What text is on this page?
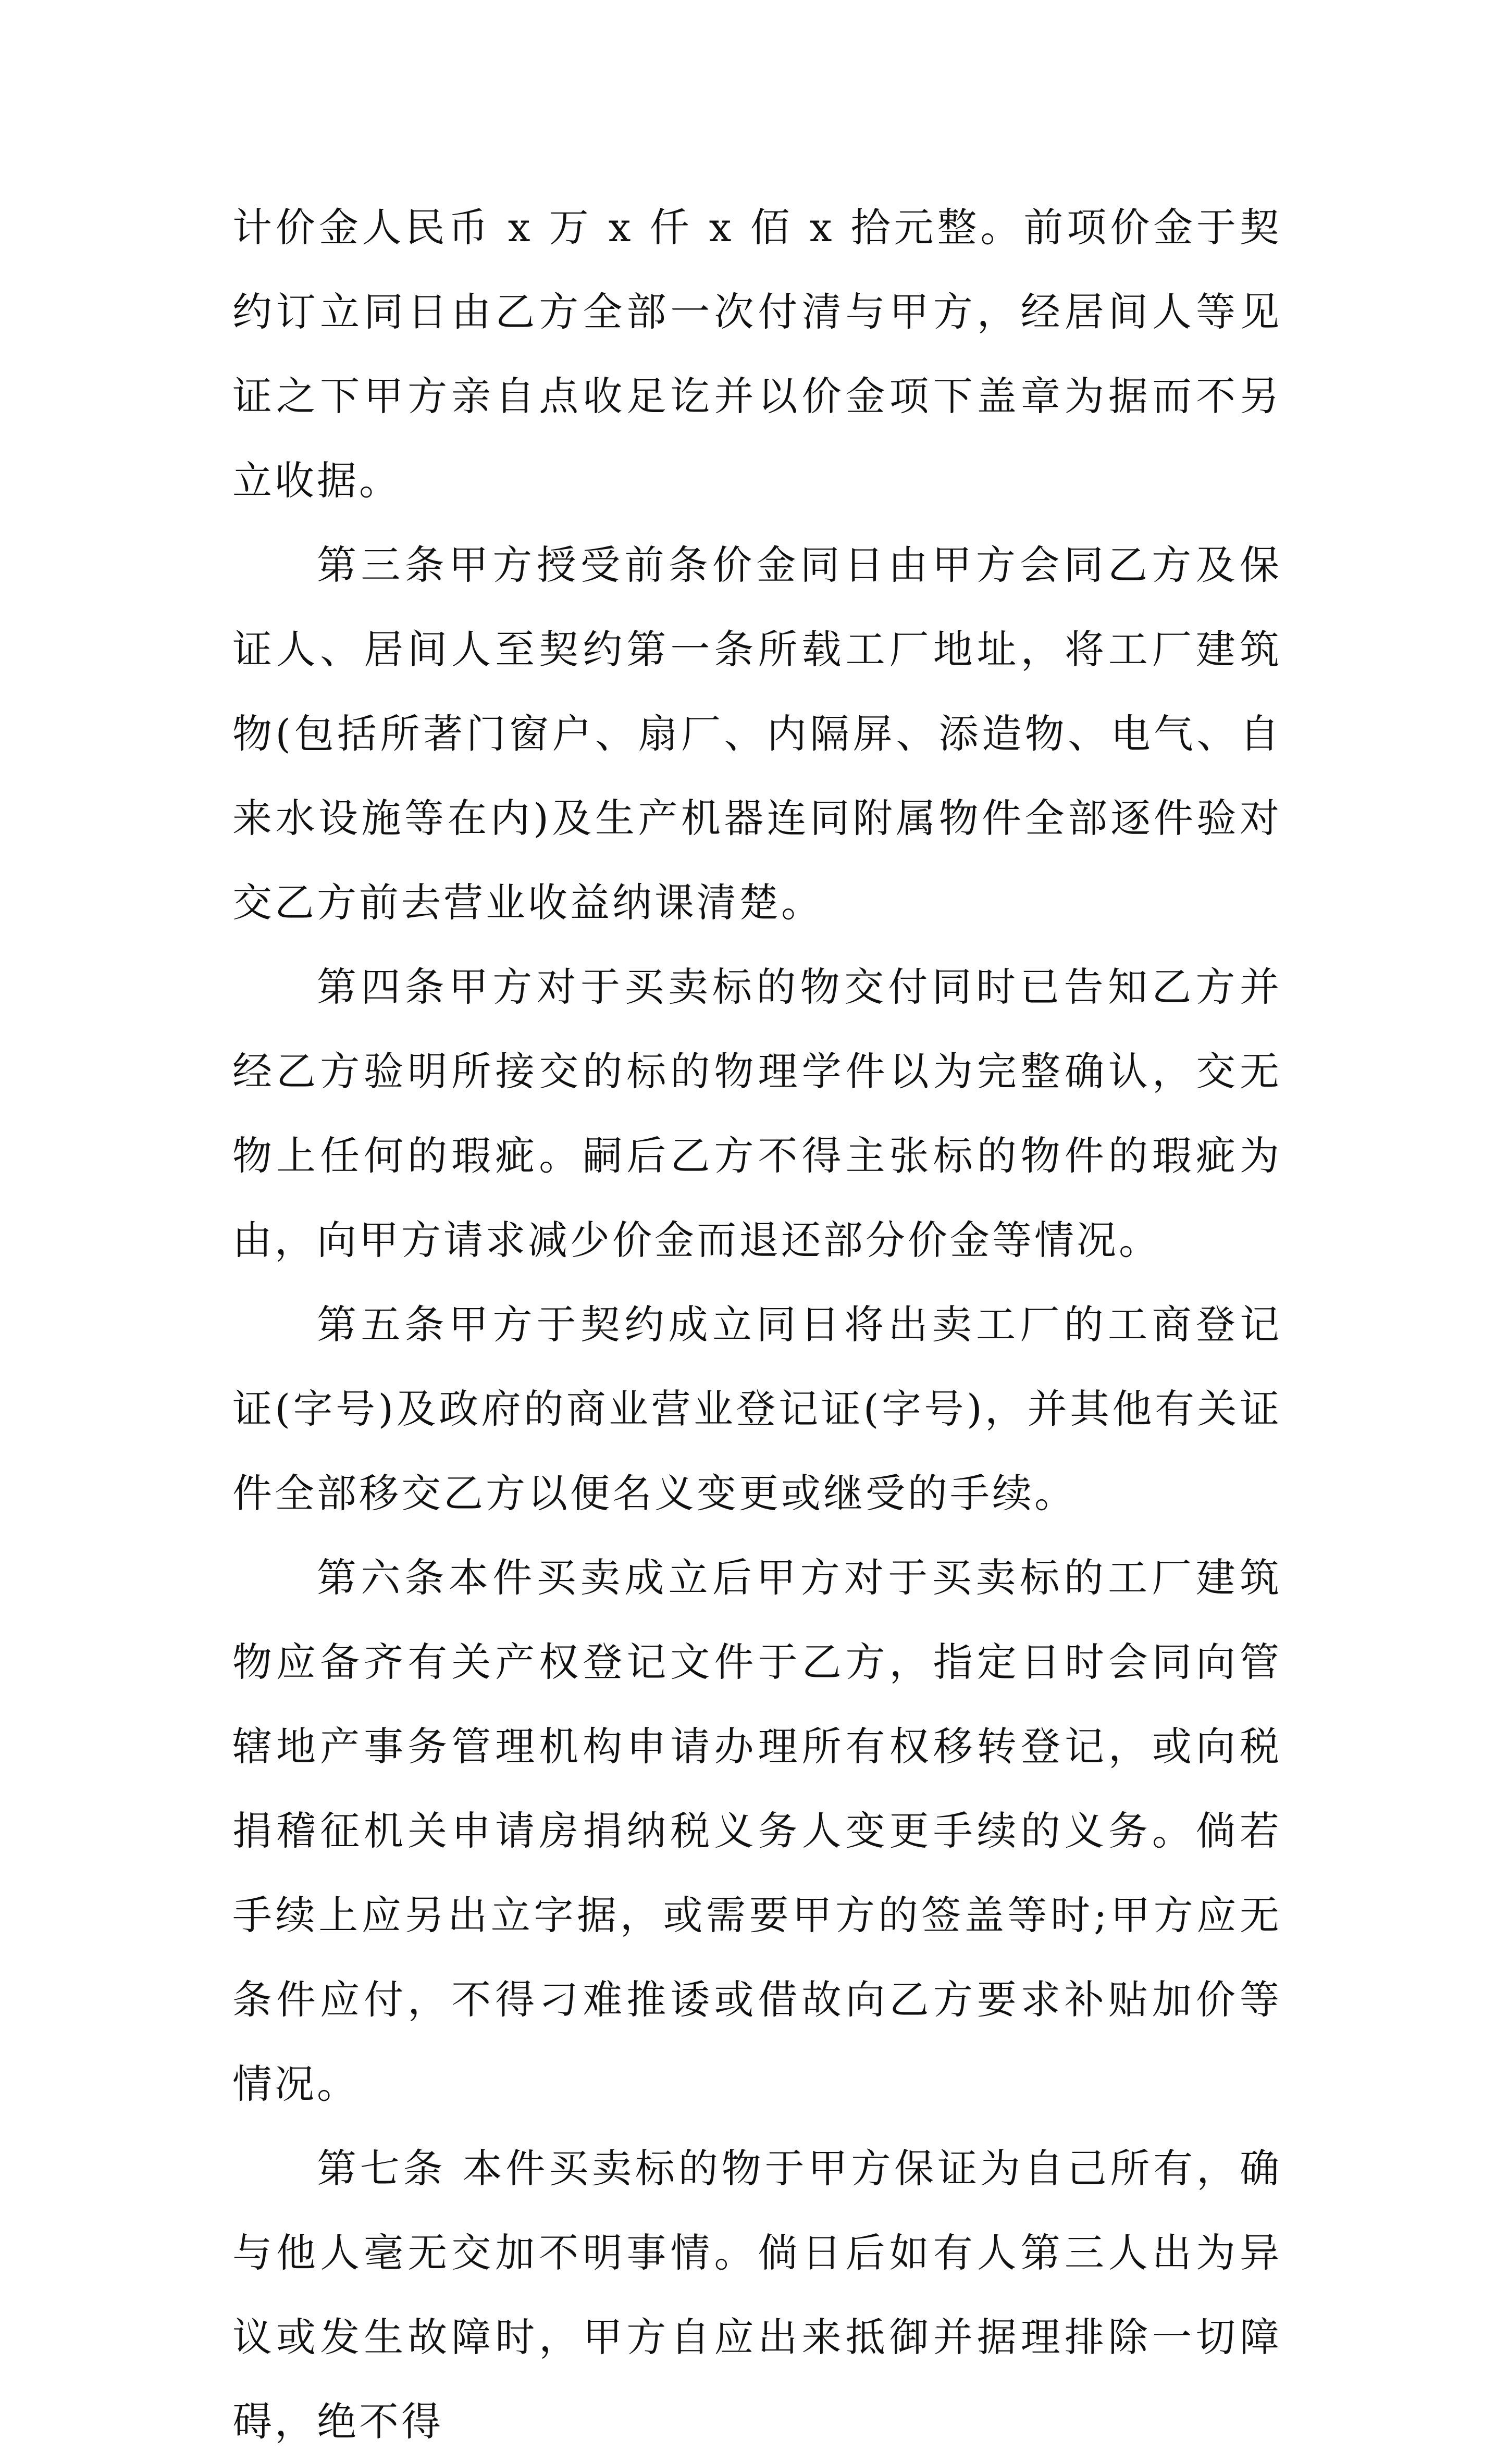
计价金人民币 x 万 x 仟 x 佰 x 拾元整。前项价金于契约订立同日由乙方全部一次付清与甲方，经居间人等见证之下甲方亲自点收足讫并以价金项下盖章为据而不另立收据。

第三条甲方授受前条价金同日由甲方会同乙方及保证人、居间人至契约第一条所载工厂地址，将工厂建筑物(包括所著门窗户、扇厂、内隔屏、添造物、电气、自来水设施等在内)及生产机器连同附属物件全部逐件验对交乙方前去营业收益纳课清楚。

第四条甲方对于买卖标的物交付同时已告知乙方并经乙方验明所接交的标的物理学件以为完整确认，交无物上任何的瑕疵。嗣后乙方不得主张标的物件的瑕疵为由，向甲方请求减少价金而退还部分价金等情况。

第五条甲方于契约成立同日将出卖工厂的工商登记证(字号)及政府的商业营业登记证(字号)，并其他有关证件全部移交乙方以便名义变更或继受的手续。

第六条本件买卖成立后甲方对于买卖标的工厂建筑物应备齐有关产权登记文件于乙方，指定日时会同向管辖地产事务管理机构申请办理所有权移转登记，或向税捐稽征机关申请房捐纳税义务人变更手续的义务。倘若手续上应另出立字据，或需要甲方的签盖等时;甲方应无条件应付，不得刁难推诿或借故向乙方要求补贴加价等情况。

第七条 本件买卖标的物于甲方保证为自己所有，确与他人毫无交加不明事情。倘日后如有人第三人出为异议或发生故障时，甲方自应出来抵御并据理排除一切障碍，绝不得
